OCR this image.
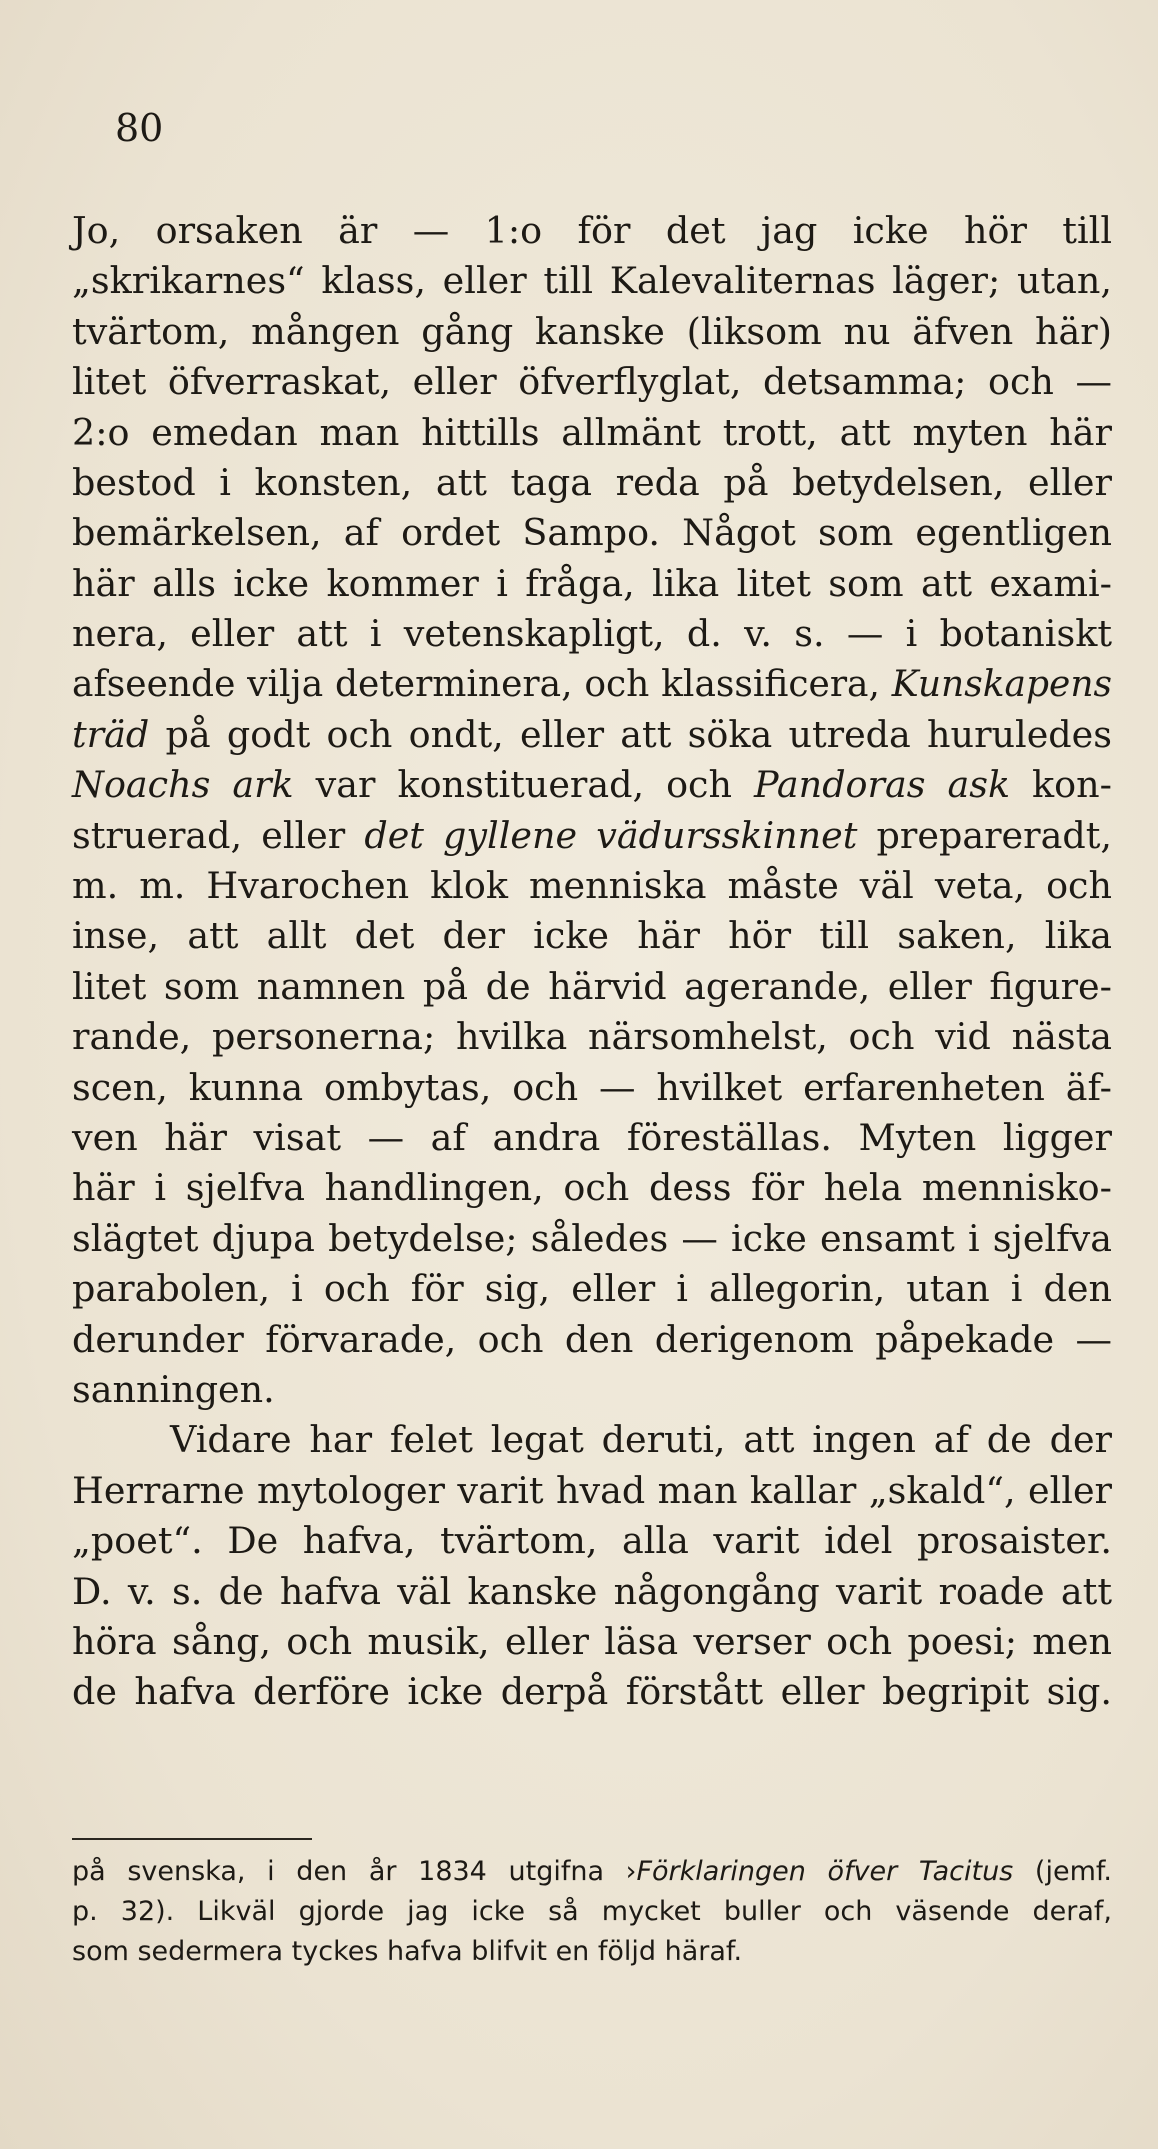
80
Jo, orsaken är — 1:o för det jag icke hör till
„skrikarnes“ klass, eller till Kalevaliternas läger; utan,
tvärtom, mången gång kanske (liksom nu äfven här)
litet öfverraskat, eller öfverflyglat, detsamma; och —
2:o emedan man hittills allmänt trott, att myten här
bestod i konsten, att taga reda på betydelsen, eller
bemärkelsen, af ordet Sampo. Något som egentligen
här alls icke kommer i fråga, lika litet som att exami-
nera, eller att i vetenskapligt, d. v. s. — i botaniskt
afseende vilja determinera, och klassificera, Kunskapens
träd på godt och ondt, eller att söka utreda huruledes
Noachs ark var konstituerad, och Pandoras ask kon-
struerad, eller det gyllene vädursskinnet prepareradt,
m. m. Hvarochen klok menniska måste väl veta, och
inse, att allt det der icke här hör till saken, lika
litet som namnen på de härvid agerande, eller figure-
rande, personerna; hvilka närsomhelst, och vid nästa
scen, kunna ombytas, och — hvilket erfarenheten äf-
ven här visat — af andra föreställas. Myten ligger
här i sjelfva handlingen, och dess för hela mennisko-
slägtet djupa betydelse; således — icke ensamt i sjelfva
parabolen, i och för sig, eller i allegorin, utan i den
derunder förvarade, och den derigenom påpekade —
sanningen.
Vidare har felet legat deruti, att ingen af de der
Herrarne mytologer varit hvad man kallar „skald“, eller
„poet“. De hafva, tvärtom, alla varit idel prosaister.
D. v. s. de hafva väl kanske någongång varit roade att
höra sång, och musik, eller läsa verser och poesi; men
de hafva derföre icke derpå förstått eller begripit sig.
på svenska, i den år 1834 utgifna ›Förklaringen öfver Tacitus (jemf.
p. 32). Likväl gjorde jag icke så mycket buller och väsende deraf,
som sedermera tyckes hafva blifvit en följd häraf.
